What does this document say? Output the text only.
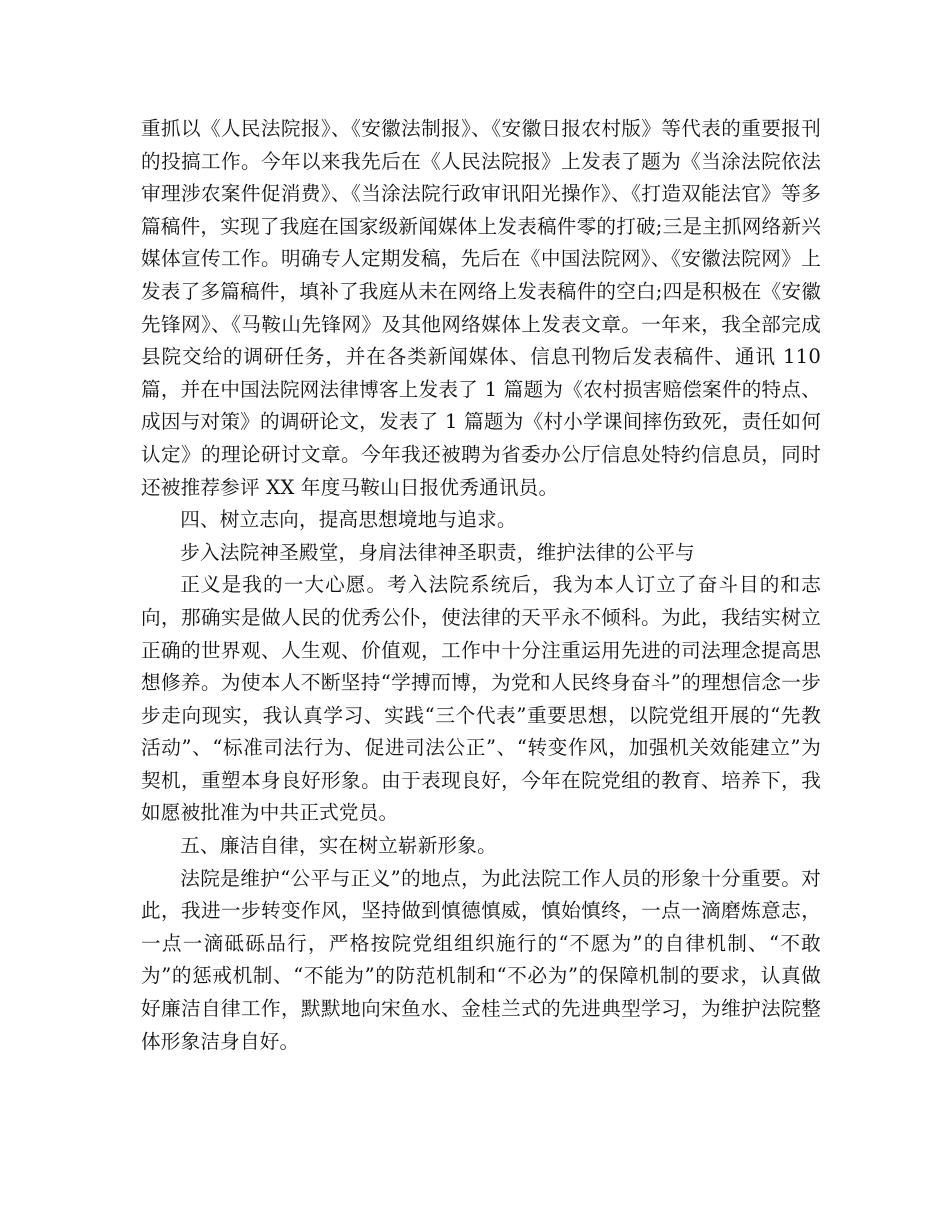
重抓以《人民法院报》、《安徽法制报》、《安徽日报农村版》等代表的重要报刊的投搞工作。今年以来我先后在《人民法院报》上发表了题为《当涂法院依法审理涉农案件促消费》、《当涂法院行政审讯阳光操作》、《打造双能法官》等多篇稿件，实现了我庭在国家级新闻媒体上发表稿件零的打破;三是主抓网络新兴媒体宣传工作。明确专人定期发稿，先后在《中国法院网》、《安徽法院网》上发表了多篇稿件，填补了我庭从未在网络上发表稿件的空白;四是积极在《安徽先锋网》、《马鞍山先锋网》及其他网络媒体上发表文章。一年来，我全部完成县院交给的调研任务，并在各类新闻媒体、信息刊物后发表稿件、通讯 110 篇，并在中国法院网法律博客上发表了 1 篇题为《农村损害赔偿案件的特点、成因与对策》的调研论文，发表了 1 篇题为《村小学课间摔伤致死，责任如何认定》的理论研讨文章。今年我还被聘为省委办公厅信息处特约信息员，同时还被推荐参评 XX 年度马鞍山日报优秀通讯员。

四、树立志向，提高思想境地与追求。

步入法院神圣殿堂，身肩法律神圣职责，维护法律的公平与

正义是我的一大心愿。考入法院系统后，我为本人订立了奋斗目的和志向，那确实是做人民的优秀公仆，使法律的天平永不倾科。为此，我结实树立正确的世界观、人生观、价值观，工作中十分注重运用先进的司法理念提高思想修养。为使本人不断坚持“学搏而博，为党和人民终身奋斗”的理想信念一步步走向现实，我认真学习、实践“三个代表”重要思想，以院党组开展的“先教活动”、“标准司法行为、促进司法公正”、“转变作风，加强机关效能建立”为契机，重塑本身良好形象。由于表现良好，今年在院党组的教育、培养下，我如愿被批准为中共正式党员。

五、廉洁自律，实在树立崭新形象。

法院是维护“公平与正义”的地点，为此法院工作人员的形象十分重要。对此，我进一步转变作风，坚持做到慎德慎威，慎始慎终，一点一滴磨炼意志，一点一滴砥砾品行，严格按院党组组织施行的“不愿为”的自律机制、“不敢为”的惩戒机制、“不能为”的防范机制和“不必为”的保障机制的要求，认真做好廉洁自律工作，默默地向宋鱼水、金桂兰式的先进典型学习，为维护法院整体形象洁身自好。
